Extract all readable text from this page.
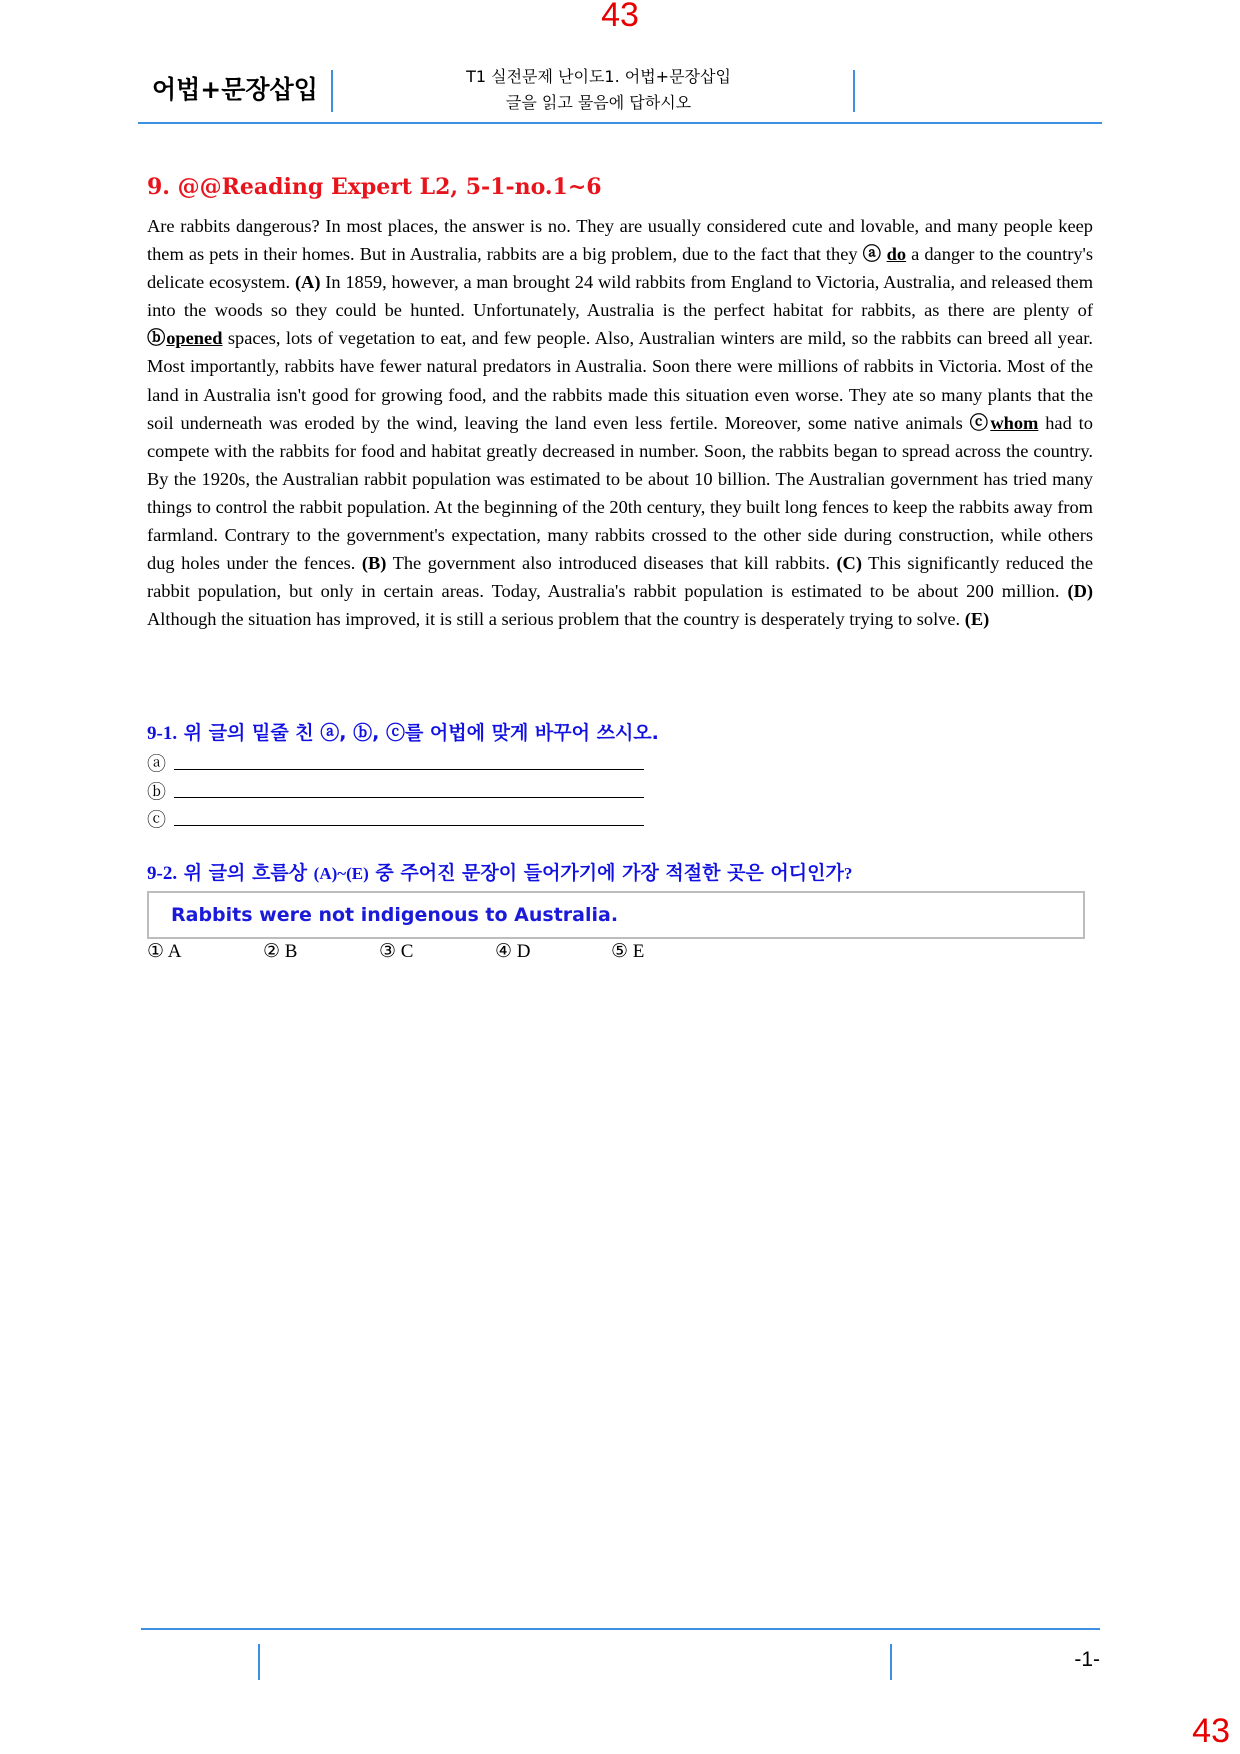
43
어법+문장삽입	T1 실전문제 난이도1. 어법+문장삽입
글을 읽고 물음에 답하시오
9. @@Reading Expert L2, 5-1-no.1~6
Are rabbits dangerous? In most places, the answer is no. They are usually considered cute and lovable, and many people keep them as pets in their homes. But in Australia, rabbits are a big problem, due to the fact that they ⓐ do a danger to the country's delicate ecosystem. (A) In 1859, however, a man brought 24 wild rabbits from England to Victoria, Australia, and released them into the woods so they could be hunted. Unfortunately, Australia is the perfect habitat for rabbits, as there are plenty of ⓑopened spaces, lots of vegetation to eat, and few people. Also, Australian winters are mild, so the rabbits can breed all year. Most importantly, rabbits have fewer natural predators in Australia. Soon there were millions of rabbits in Victoria. Most of the land in Australia isn't good for growing food, and the rabbits made this situation even worse. They ate so many plants that the soil underneath was eroded by the wind, leaving the land even less fertile. Moreover, some native animals ⓒwhom had to compete with the rabbits for food and habitat greatly decreased in number. Soon, the rabbits began to spread across the country. By the 1920s, the Australian rabbit population was estimated to be about 10 billion. The Australian government has tried many things to control the rabbit population. At the beginning of the 20th century, they built long fences to keep the rabbits away from farmland. Contrary to the government's expectation, many rabbits crossed to the other side during construction, while others dug holes under the fences. (B) The government also introduced diseases that kill rabbits. (C) This significantly reduced the rabbit population, but only in certain areas. Today, Australia's rabbit population is estimated to be about 200 million. (D) Although the situation has improved, it is still a serious problem that the country is desperately trying to solve. (E)
9-1. 위 글의 밑줄 친 ⓐ, ⓑ, ⓒ를 어법에 맞게 바꾸어 쓰시오.
ⓐ
ⓑ
ⓒ
9-2. 위 글의 흐름상 (A)~(E) 중 주어진 문장이 들어가기에 가장 적절한 곳은 어디인가?
Rabbits were not indigenous to Australia.
① A	② B	③ C	④ D	⑤ E
-1-
43
